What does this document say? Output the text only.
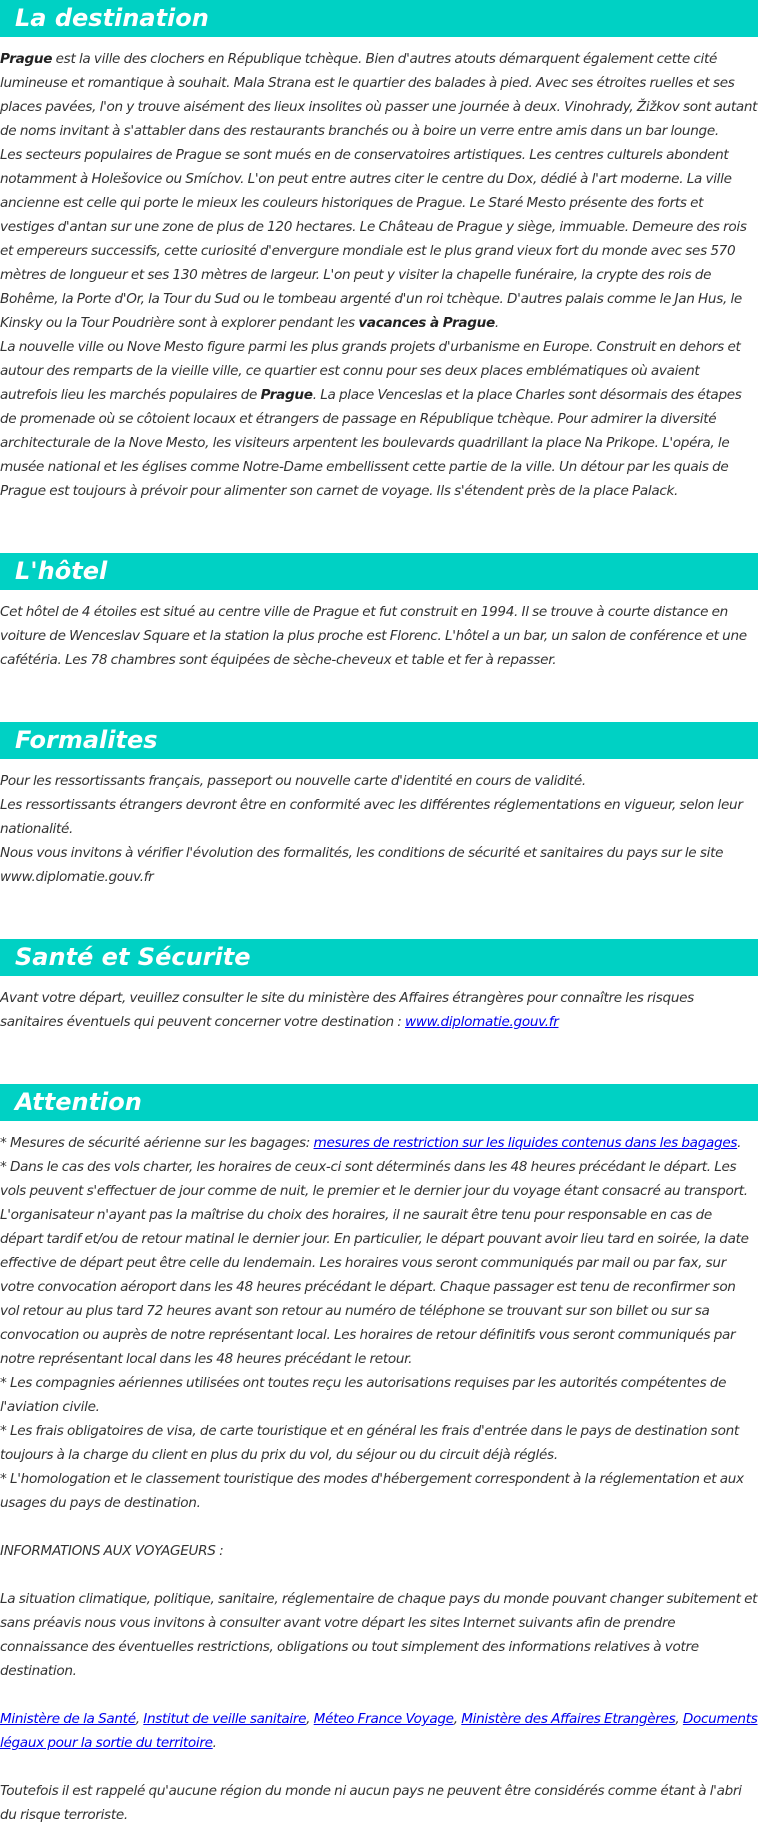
La destination

Prague est la ville des clochers en République tchèque. Bien d'autres atouts démarquent également cette cité lumineuse et romantique à souhait. Mala Strana est le quartier des balades à pied. Avec ses étroites ruelles et ses places pavées, l'on y trouve aisément des lieux insolites où passer une journée à deux. Vinohrady, Žižkov sont autant de noms invitant à s'attabler dans des restaurants branchés ou à boire un verre entre amis dans un bar lounge.

Les secteurs populaires de Prague se sont mués en de conservatoires artistiques. Les centres culturels abondent notamment à Holešovice ou Smíchov. L'on peut entre autres citer le centre du Dox, dédié à l'art moderne. La ville ancienne est celle qui porte le mieux les couleurs historiques de Prague. Le Staré Mesto présente des forts et vestiges d'antan sur une zone de plus de 120 hectares. Le Château de Prague y siège, immuable. Demeure des rois et empereurs successifs, cette curiosité d'envergure mondiale est le plus grand vieux fort du monde avec ses 570 mètres de longueur et ses 130 mètres de largeur. L'on peut y visiter la chapelle funéraire, la crypte des rois de Bohême, la Porte d'Or, la Tour du Sud ou le tombeau argenté d'un roi tchèque. D'autres palais comme le Jan Hus, le Kinsky ou la Tour Poudrière sont à explorer pendant les vacances à Prague.

La nouvelle ville ou Nove Mesto figure parmi les plus grands projets d'urbanisme en Europe. Construit en dehors et autour des remparts de la vieille ville, ce quartier est connu pour ses deux places emblématiques où avaient autrefois lieu les marchés populaires de Prague. La place Venceslas et la place Charles sont désormais des étapes de promenade où se côtoient locaux et étrangers de passage en République tchèque. Pour admirer la diversité architecturale de la Nove Mesto, les visiteurs arpentent les boulevards quadrillant la place Na Prikope. L'opéra, le musée national et les églises comme Notre-Dame embellissent cette partie de la ville. Un détour par les quais de Prague est toujours à prévoir pour alimenter son carnet de voyage. Ils s'étendent près de la place Palack.

L'hôtel

Cet hôtel de 4 étoiles est situé au centre ville de Prague et fut construit en 1994. Il se trouve à courte distance en voiture de Wenceslav Square et la station la plus proche est Florenc. L'hôtel a un bar, un salon de conférence et une cafétéria. Les 78 chambres sont équipées de sèche-cheveux et table et fer à repasser.

Formalites

Pour les ressortissants français, passeport ou nouvelle carte d'identité en cours de validité.

Les ressortissants étrangers devront être en conformité avec les différentes réglementations en vigueur, selon leur nationalité.

Nous vous invitons à vérifier l'évolution des formalités, les conditions de sécurité et sanitaires du pays sur le site www.diplomatie.gouv.fr

Santé et Sécurite

Avant votre départ, veuillez consulter le site du ministère des Affaires étrangères pour connaître les risques sanitaires éventuels qui peuvent concerner votre destination : www.diplomatie.gouv.fr

Attention

* Mesures de sécurité aérienne sur les bagages: mesures de restriction sur les liquides contenus dans les bagages.

* Dans le cas des vols charter, les horaires de ceux-ci sont déterminés dans les 48 heures précédant le départ. Les vols peuvent s'effectuer de jour comme de nuit, le premier et le dernier jour du voyage étant consacré au transport. L'organisateur n'ayant pas la maîtrise du choix des horaires, il ne saurait être tenu pour responsable en cas de départ tardif et/ou de retour matinal le dernier jour. En particulier, le départ pouvant avoir lieu tard en soirée, la date effective de départ peut être celle du lendemain. Les horaires vous seront communiqués par mail ou par fax, sur votre convocation aéroport dans les 48 heures précédant le départ. Chaque passager est tenu de reconfirmer son vol retour au plus tard 72 heures avant son retour au numéro de téléphone se trouvant sur son billet ou sur sa convocation ou auprès de notre représentant local. Les horaires de retour définitifs vous seront communiqués par notre représentant local dans les 48 heures précédant le retour.

* Les compagnies aériennes utilisées ont toutes reçu les autorisations requises par les autorités compétentes de l'aviation civile.

* Les frais obligatoires de visa, de carte touristique et en général les frais d'entrée dans le pays de destination sont toujours à la charge du client en plus du prix du vol, du séjour ou du circuit déjà réglés.

* L'homologation et le classement touristique des modes d'hébergement correspondent à la réglementation et aux usages du pays de destination.

INFORMATIONS AUX VOYAGEURS :

La situation climatique, politique, sanitaire, réglementaire de chaque pays du monde pouvant changer subitement et sans préavis nous vous invitons à consulter avant votre départ les sites Internet suivants afin de prendre connaissance des éventuelles restrictions, obligations ou tout simplement des informations relatives à votre destination.

Ministère de la Santé, Institut de veille sanitaire, Méteo France Voyage, Ministère des Affaires Etrangères, Documents légaux pour la sortie du territoire.

Toutefois il est rappelé qu'aucune région du monde ni aucun pays ne peuvent être considérés comme étant à l'abri du risque terroriste.
